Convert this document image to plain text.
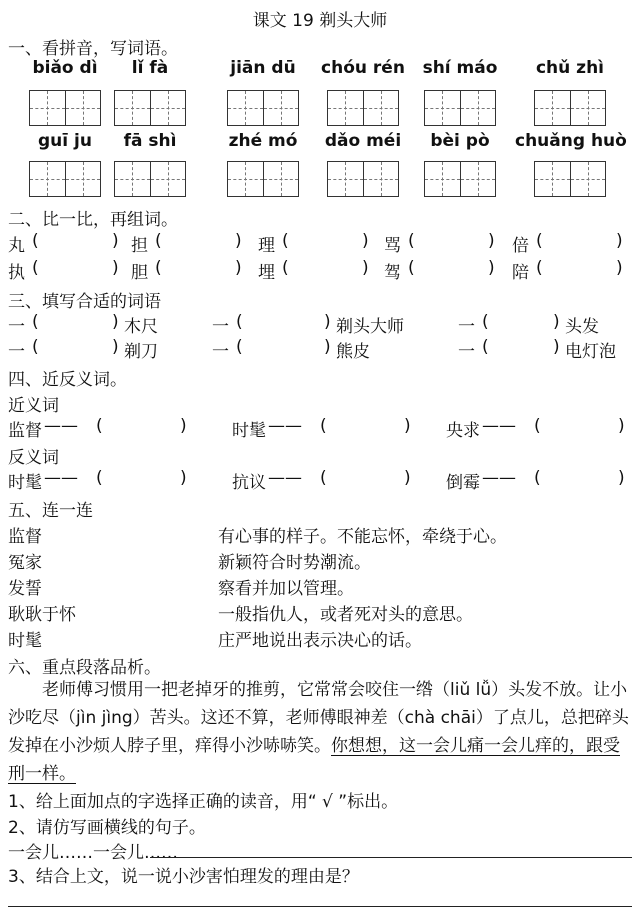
课文 19 剃头大师
一、看拼音，写词语。
biǎo dì	lǐ fà	jiān dū	chóu rén	shí máo	chǔ zhì
guī ju	fā shì	zhé mó	dǎo méi	bèi pò	chuǎng huò
二、比一比，再组词。
丸 (	) 担 (	) 理 (	) 骂 (	) 倍 (	)
执 (	) 胆 (	) 埋 (	) 驾 (	) 陪 (	)
三、填写合适的词语
一 (	) 木尺	一 (	) 剃头大师	一 (	) 头发
一 (	) 剃刀	一 (	) 熊皮	一 (	) 电灯泡
四、近反义词。
近义词
反义词
监督 —— (	)	时髦 —— (	) 央求 —— (	)
时髦 —— (	)	抗议 —— (	) 倒霉 —— (	)
五、连一连
监督	有心事的样子。不能忘怀，牵绕于心。
冤家	新颖符合时势潮流。
发誓	察看并加以管理。
耿耿于怀	一般指仇人，或者死对头的意思。
时髦	庄严地说出表示决心的话。
六、重点段落品析。
老师傅习惯用一把老掉牙的推剪，它常常会咬住一绺（liǔ lǚ）头发不放。让小沙吃尽（jìn jìng）苦头。这还不算，老师傅眼神差（chà chāi）了点儿，总把碎头发掉在小沙烦人脖子里，痒得小沙哧哧笑。你想想，这一会儿痛一会儿痒的，跟受刑一样。
1、给上面加点的字选择正确的读音，用“ √ ”标出。
2、请仿写画横线的句子。
一会儿……一会儿……
3、结合上文，说一说小沙害怕理发的理由是？
